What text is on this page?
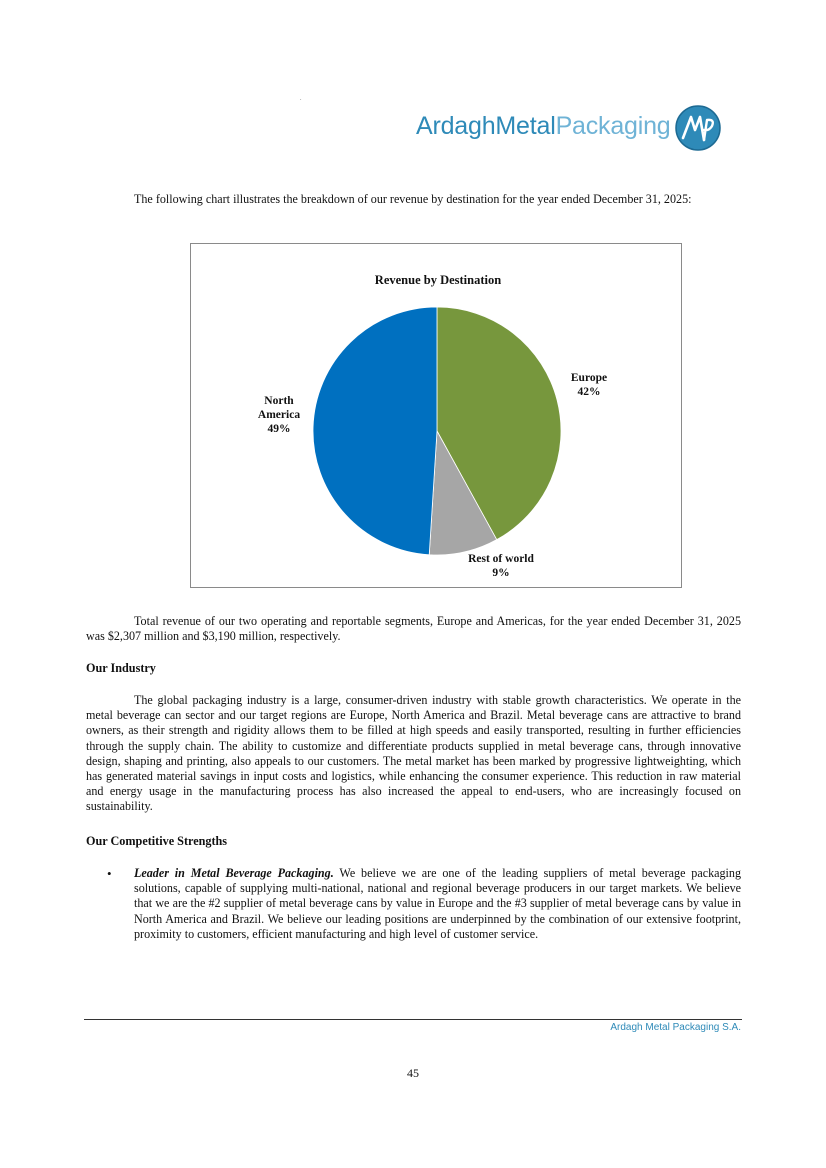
.
ArdaghMetalPackaging

The following chart illustrates the breakdown of our revenue by destination for the year ended December 31, 2025:

Revenue by Destination
Europe 42%
Rest of world 9%
North America 49%

Total revenue of our two operating and reportable segments, Europe and Americas, for the year ended December 31, 2025 was $2,307 million and $3,190 million, respectively.

Our Industry

The global packaging industry is a large, consumer-driven industry with stable growth characteristics. We operate in the metal beverage can sector and our target regions are Europe, North America and Brazil. Metal beverage cans are attractive to brand owners, as their strength and rigidity allows them to be filled at high speeds and easily transported, resulting in further efficiencies through the supply chain. The ability to customize and differentiate products supplied in metal beverage cans, through innovative design, shaping and printing, also appeals to our customers. The metal market has been marked by progressive lightweighting, which has generated material savings in input costs and logistics, while enhancing the consumer experience. This reduction in raw material and energy usage in the manufacturing process has also increased the appeal to end-users, who are increasingly focused on sustainability.

Our Competitive Strengths

• Leader in Metal Beverage Packaging. We believe we are one of the leading suppliers of metal beverage packaging solutions, capable of supplying multi-national, national and regional beverage producers in our target markets. We believe that we are the #2 supplier of metal beverage cans by value in Europe and the #3 supplier of metal beverage cans by value in North America and Brazil. We believe our leading positions are underpinned by the combination of our extensive footprint, proximity to customers, efficient manufacturing and high level of customer service.

Ardagh Metal Packaging S.A.
45
